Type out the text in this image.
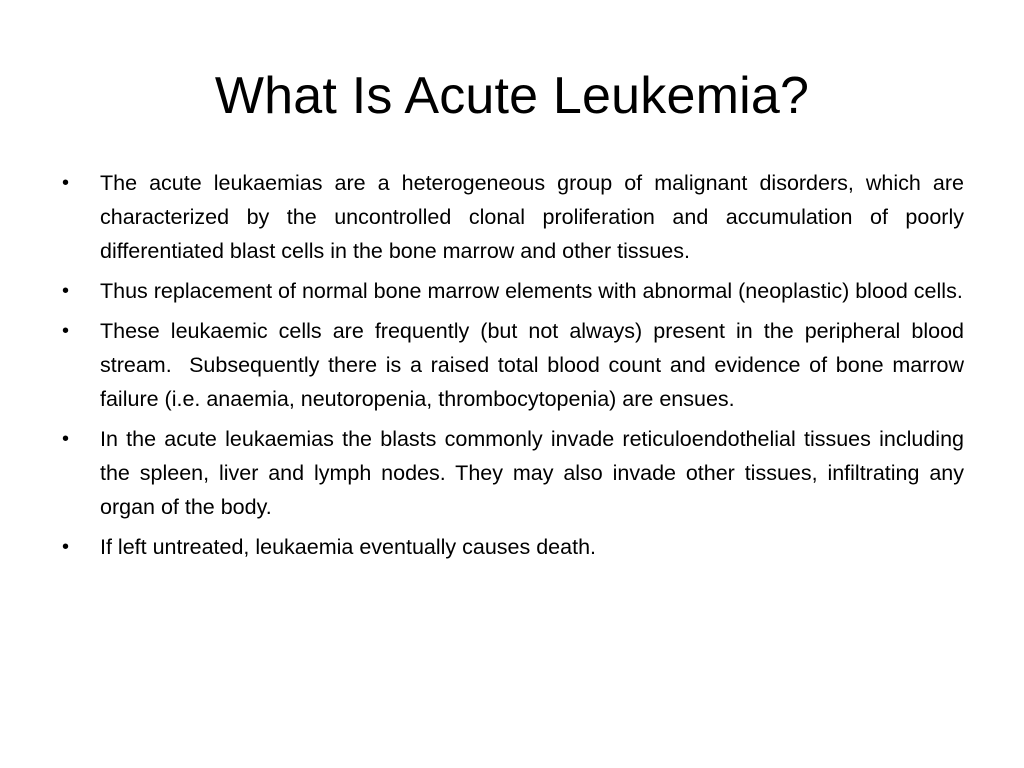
What Is Acute Leukemia?
•	The acute leukaemias are a heterogeneous group of malignant disorders, which are characterized by the uncontrolled clonal proliferation and accumulation of poorly differentiated blast cells in the bone marrow and other tissues.
•	Thus replacement of normal bone marrow elements with abnormal (neoplastic) blood cells.
•	These leukaemic cells are frequently (but not always) present in the peripheral blood stream.  Subsequently there is a raised total blood count and evidence of bone marrow failure (i.e. anaemia, neutoropenia, thrombocytopenia) are ensues.
•	In the acute leukaemias the blasts commonly invade reticuloendothelial tissues including the spleen, liver and lymph nodes. They may also invade other tissues, infiltrating any organ of the body.
•	If left untreated, leukaemia eventually causes death.
